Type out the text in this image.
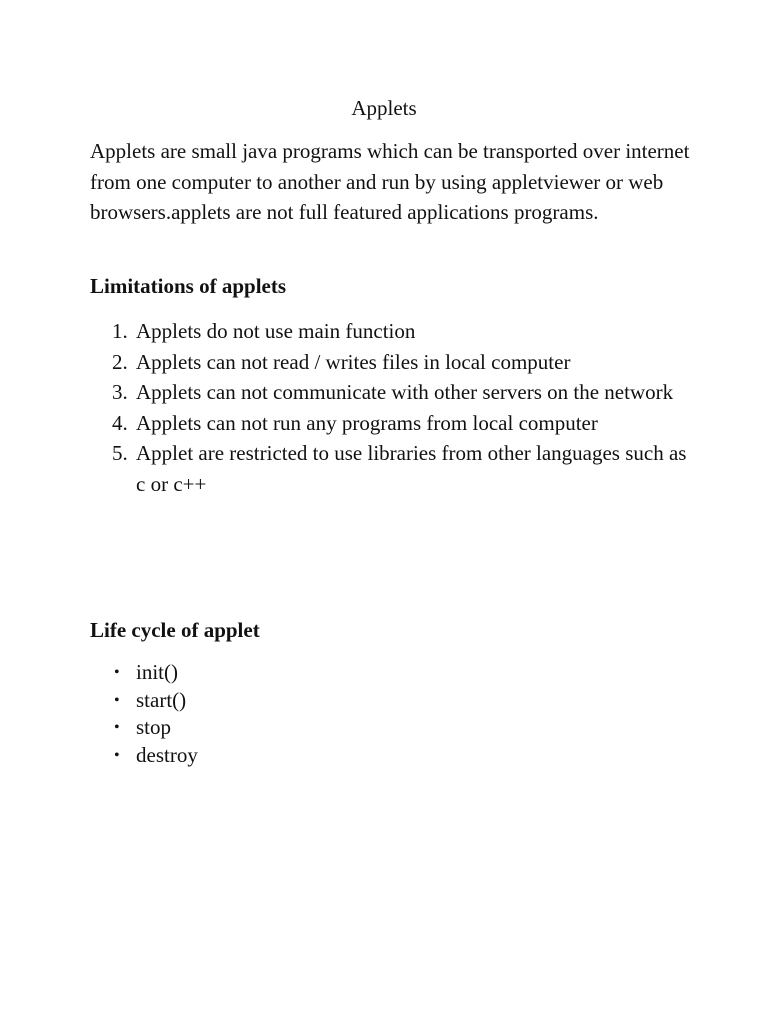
Applets

Applets are small java programs which can be transported over internet from one computer to another and run by using appletviewer or web browsers.applets are not full featured applications programs.

Limitations of applets
1. Applets do not use main function
2. Applets can not read / writes files in local computer
3. Applets can not communicate with other servers on the network
4. Applets can not run any programs from local computer
5. Applet are restricted to use libraries from other languages such as c or c++
Life cycle of applet
• init()
• start()
• stop
• destroy
